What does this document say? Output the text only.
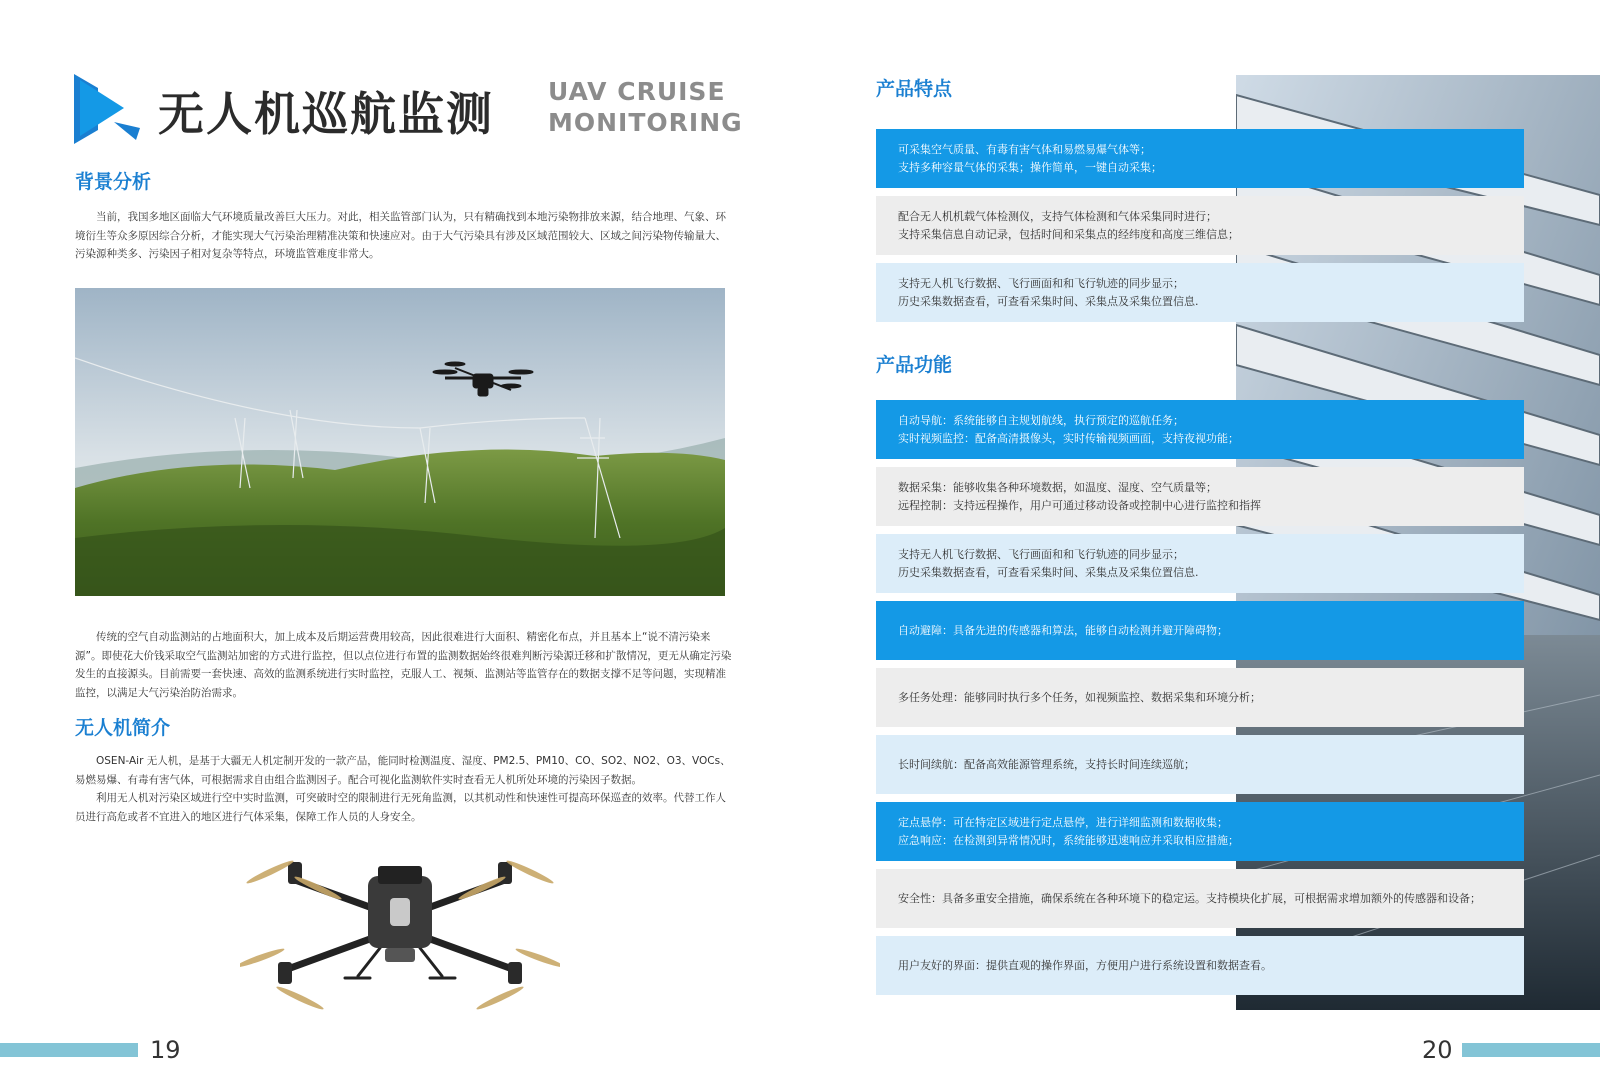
无人机巡航监测 UAV CRUISE
MONITORING
背景分析

当前，我国多地区面临大气环境质量改善巨大压力。对此，相关监管部门认为，只有精确找到本地污染物排放来源，结合地理、气象、环境衍生等众多原因综合分析，才能实现大气污染治理精准决策和快速应对。由于大气污染具有涉及区域范围较大、区域之间污染物传输量大、污染源种类多、污染因子相对复杂等特点，环境监管难度非常大。

传统的空气自动监测站的占地面积大，加上成本及后期运营费用较高，因此很难进行大面积、精密化布点，并且基本上“说不清污染来源”。即使花大价钱采取空气监测站加密的方式进行监控，但以点位进行布置的监测数据始终很难判断污染源迁移和扩散情况，更无从确定污染发生的直接源头。目前需要一套快速、高效的监测系统进行实时监控，克服人工、视频、监测站等监管存在的数据支撑不足等问题，实现精准监控，以满足大气污染治防治需求。

无人机简介

OSEN-Air 无人机，是基于大疆无人机定制开发的一款产品，能同时检测温度、湿度、PM2.5、PM10、CO、SO2、NO2、O3、VOCs、易燃易爆、有毒有害气体，可根据需求自由组合监测因子。配合可视化监测软件实时查看无人机所处环境的污染因子数据。

利用无人机对污染区域进行空中实时监测，可突破时空的限制进行无死角监测，以其机动性和快速性可提高环保巡查的效率。代替工作人员进行高危或者不宜进入的地区进行气体采集，保障工作人员的人身安全。

19
产品特点
可采集空气质量、有毒有害气体和易燃易爆气体等；
支持多种容量气体的采集；操作简单，一键自动采集；
配合无人机机载气体检测仪，支持气体检测和气体采集同时进行；
支持采集信息自动记录，包括时间和采集点的经纬度和高度三维信息；
支持无人机飞行数据、飞行画面和和飞行轨迹的同步显示；
历史采集数据查看，可查看采集时间、采集点及采集位置信息.
产品功能
自动导航：系统能够自主规划航线，执行预定的巡航任务；
实时视频监控：配备高清摄像头，实时传输视频画面，支持夜视功能；
数据采集：能够收集各种环境数据，如温度、湿度、空气质量等；
远程控制：支持远程操作，用户可通过移动设备或控制中心进行监控和指挥
支持无人机飞行数据、飞行画面和和飞行轨迹的同步显示；
历史采集数据查看，可查看采集时间、采集点及采集位置信息.
自动避障：具备先进的传感器和算法，能够自动检测并避开障碍物；
多任务处理：能够同时执行多个任务，如视频监控、数据采集和环境分析；
长时间续航：配备高效能源管理系统，支持长时间连续巡航；
定点悬停：可在特定区域进行定点悬停，进行详细监测和数据收集；
应急响应：在检测到异常情况时，系统能够迅速响应并采取相应措施；
安全性：具备多重安全措施，确保系统在各种环境下的稳定运。支持模块化扩展，可根据需求增加额外的传感器和设备；
用户友好的界面：提供直观的操作界面，方便用户进行系统设置和数据查看。
20
